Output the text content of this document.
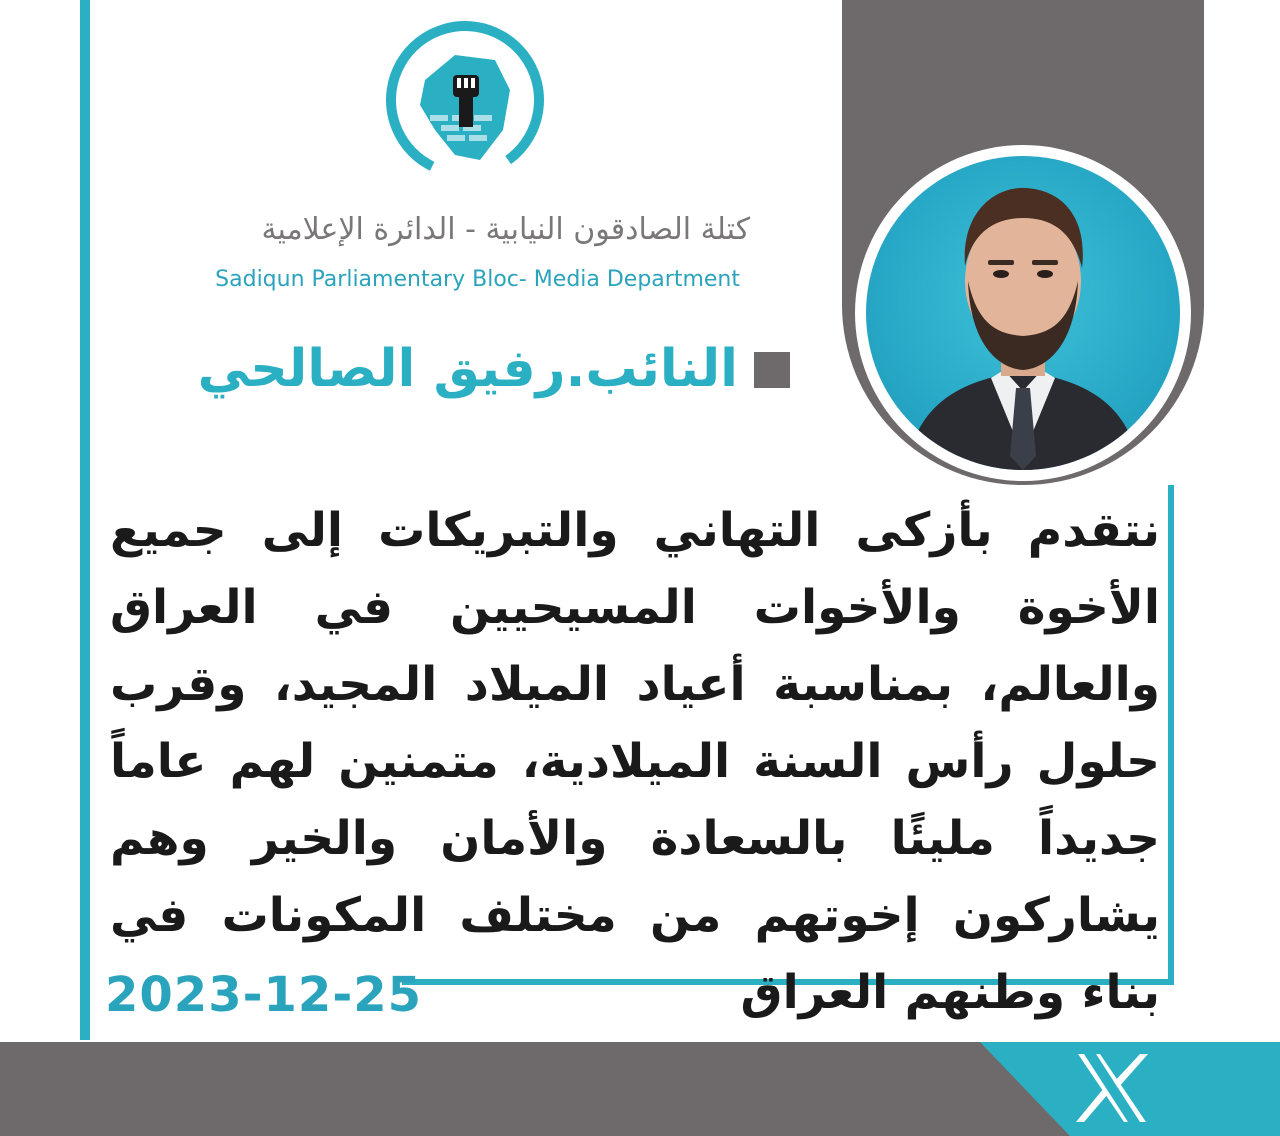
كتلة الصادقون النيابية - الدائرة الإعلامية
Sadiqun Parliamentary Bloc- Media Department
النائب.رفيق الصالحي
نتقدم بأزكى التهاني والتبريكات إلى جميع الأخوة والأخوات المسيحيين في العراق والعالم، بمناسبة أعياد الميلاد المجيد، وقرب حلول رأس السنة الميلادية، متمنين لهم عاماً جديداً مليئًا بالسعادة والأمان والخير وهم يشاركون إخوتهم من مختلف المكونات في بناء وطنهم العراق
2023-12-25
